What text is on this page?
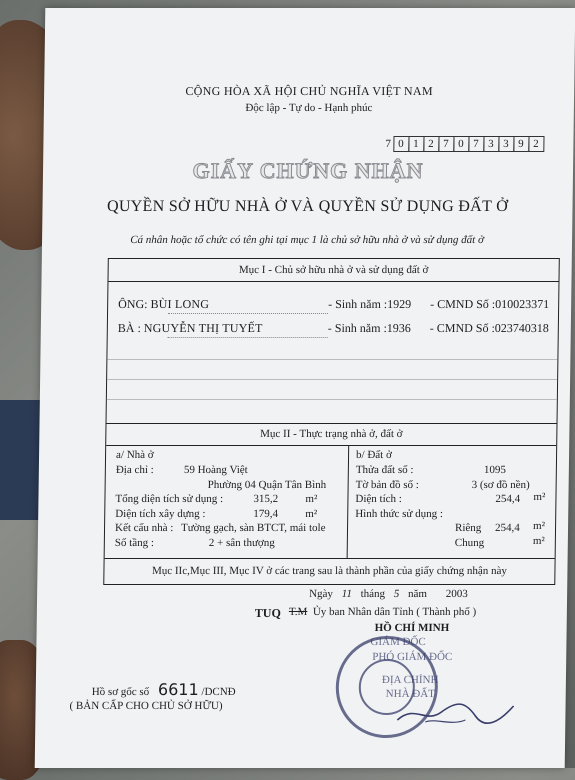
CỘNG HÒA XÃ HỘI CHỦ NGHĨA VIỆT NAM
Độc lập - Tự do - Hạnh phúc
7 0 1 2 7 0 7 3 3 9 2
GIẤY CHỨNG NHẬN
QUYỀN SỞ HỮU NHÀ Ở VÀ QUYỀN SỬ DỤNG ĐẤT Ở
Cá nhân hoặc tổ chức có tên ghi tại mục 1 là chủ sở hữu nhà ở và sử dụng đất ở
Mục I - Chủ sở hữu nhà ở và sử dụng đất ở
ÔNG: BÙI LONG	- Sinh năm :1929 - CMND Số :010023371
BÀ : NGUYỄN THỊ TUYẾT	- Sinh năm :1936 - CMND Số :023740318
Mục II - Thực trạng nhà ở, đất ở
a/ Nhà ở
Địa chỉ :	59 Hoàng Việt
Phường 04 Quận Tân Bình
Tổng diện tích sử dụng :	315,2 m²
Diện tích xây dựng :	179,4 m²
Kết cấu nhà : Tường gạch, sàn BTCT, mái tole
Số tầng :	2 + sân thượng
b/ Đất ở
Thửa đất số :	1095
Tờ bản đồ số :	3 (sơ đồ nền)
Diện tích :	254,4 m²
Hình thức sử dụng :
Riêng 254,4 m²
Chung	m²
Mục IIc,Mục III, Mục IV ở các trang sau là thành phần của giấy chứng nhận này
Ngày 11 tháng 5 năm 2003
TUQ T.M Ủy ban Nhân dân Tỉnh ( Thành phố )
HỒ CHÍ MINH
GIÁM ĐỐC
PHÓ GIÁM ĐỐC
ĐỊA CHÍNH
NHÀ ĐẤT
Hồ sơ gốc số 6611 /DCNĐ
( BẢN CẤP CHO CHỦ SỞ HỮU)
